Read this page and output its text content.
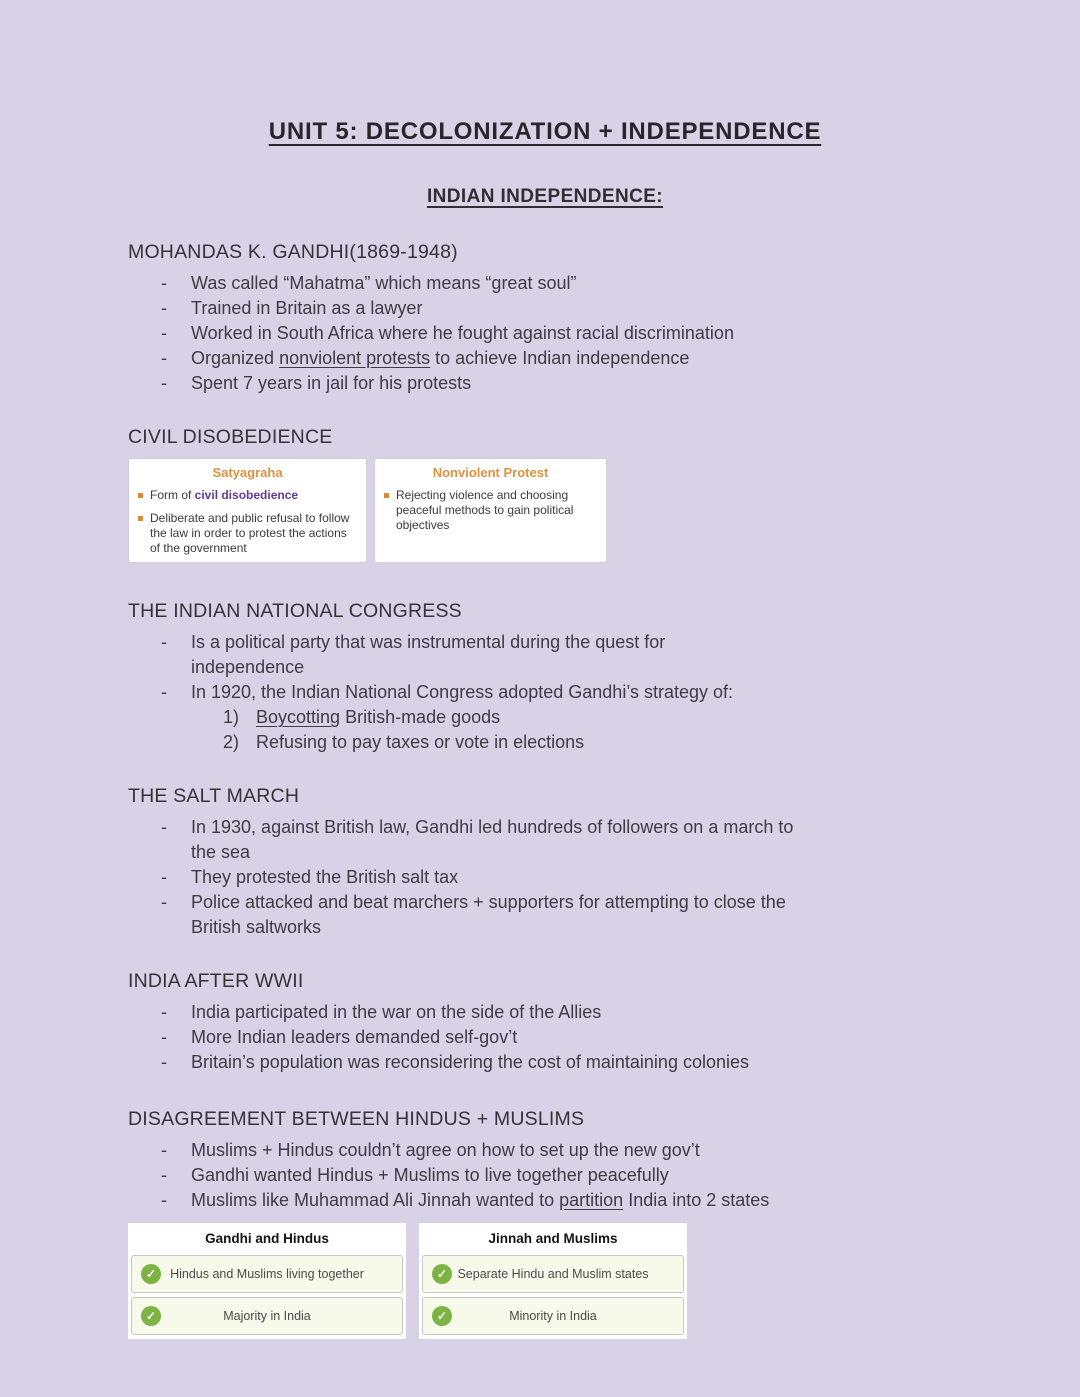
UNIT 5: DECOLONIZATION + INDEPENDENCE
INDIAN INDEPENDENCE:
MOHANDAS K. GANDHI(1869-1948)
-	Was called “Mahatma” which means “great soul”
-	Trained in Britain as a lawyer
-	Worked in South Africa where he fought against racial discrimination
-	Organized nonviolent protests to achieve Indian independence
-	Spent 7 years in jail for his protests
CIVIL DISOBEDIENCE
Satyagraha
Form of civil disobedience
Deliberate and public refusal to follow the law in order to protest the actions of the government
Nonviolent Protest
Rejecting violence and choosing peaceful methods to gain political objectives
THE INDIAN NATIONAL CONGRESS
-	Is a political party that was instrumental during the quest for
independence
-	In 1920, the Indian National Congress adopted Gandhi’s strategy of:
1) Boycotting British-made goods
2) Refusing to pay taxes or vote in elections
THE SALT MARCH
-	In 1930, against British law, Gandhi led hundreds of followers on a march to
the sea
-	They protested the British salt tax
-	Police attacked and beat marchers + supporters for attempting to close the
British saltworks
INDIA AFTER WWII
-	India participated in the war on the side of the Allies
-	More Indian leaders demanded self-gov’t
-	Britain’s population was reconsidering the cost of maintaining colonies
DISAGREEMENT BETWEEN HINDUS + MUSLIMS
-	Muslims + Hindus couldn’t agree on how to set up the new gov’t
-	Gandhi wanted Hindus + Muslims to live together peacefully
-	Muslims like Muhammad Ali Jinnah wanted to partition India into 2 states
Gandhi and Hindus
✓	Hindus and Muslims living together
✓	Majority in India
Jinnah and Muslims
✓ Separate Hindu and Muslim states
✓	Minority in India
